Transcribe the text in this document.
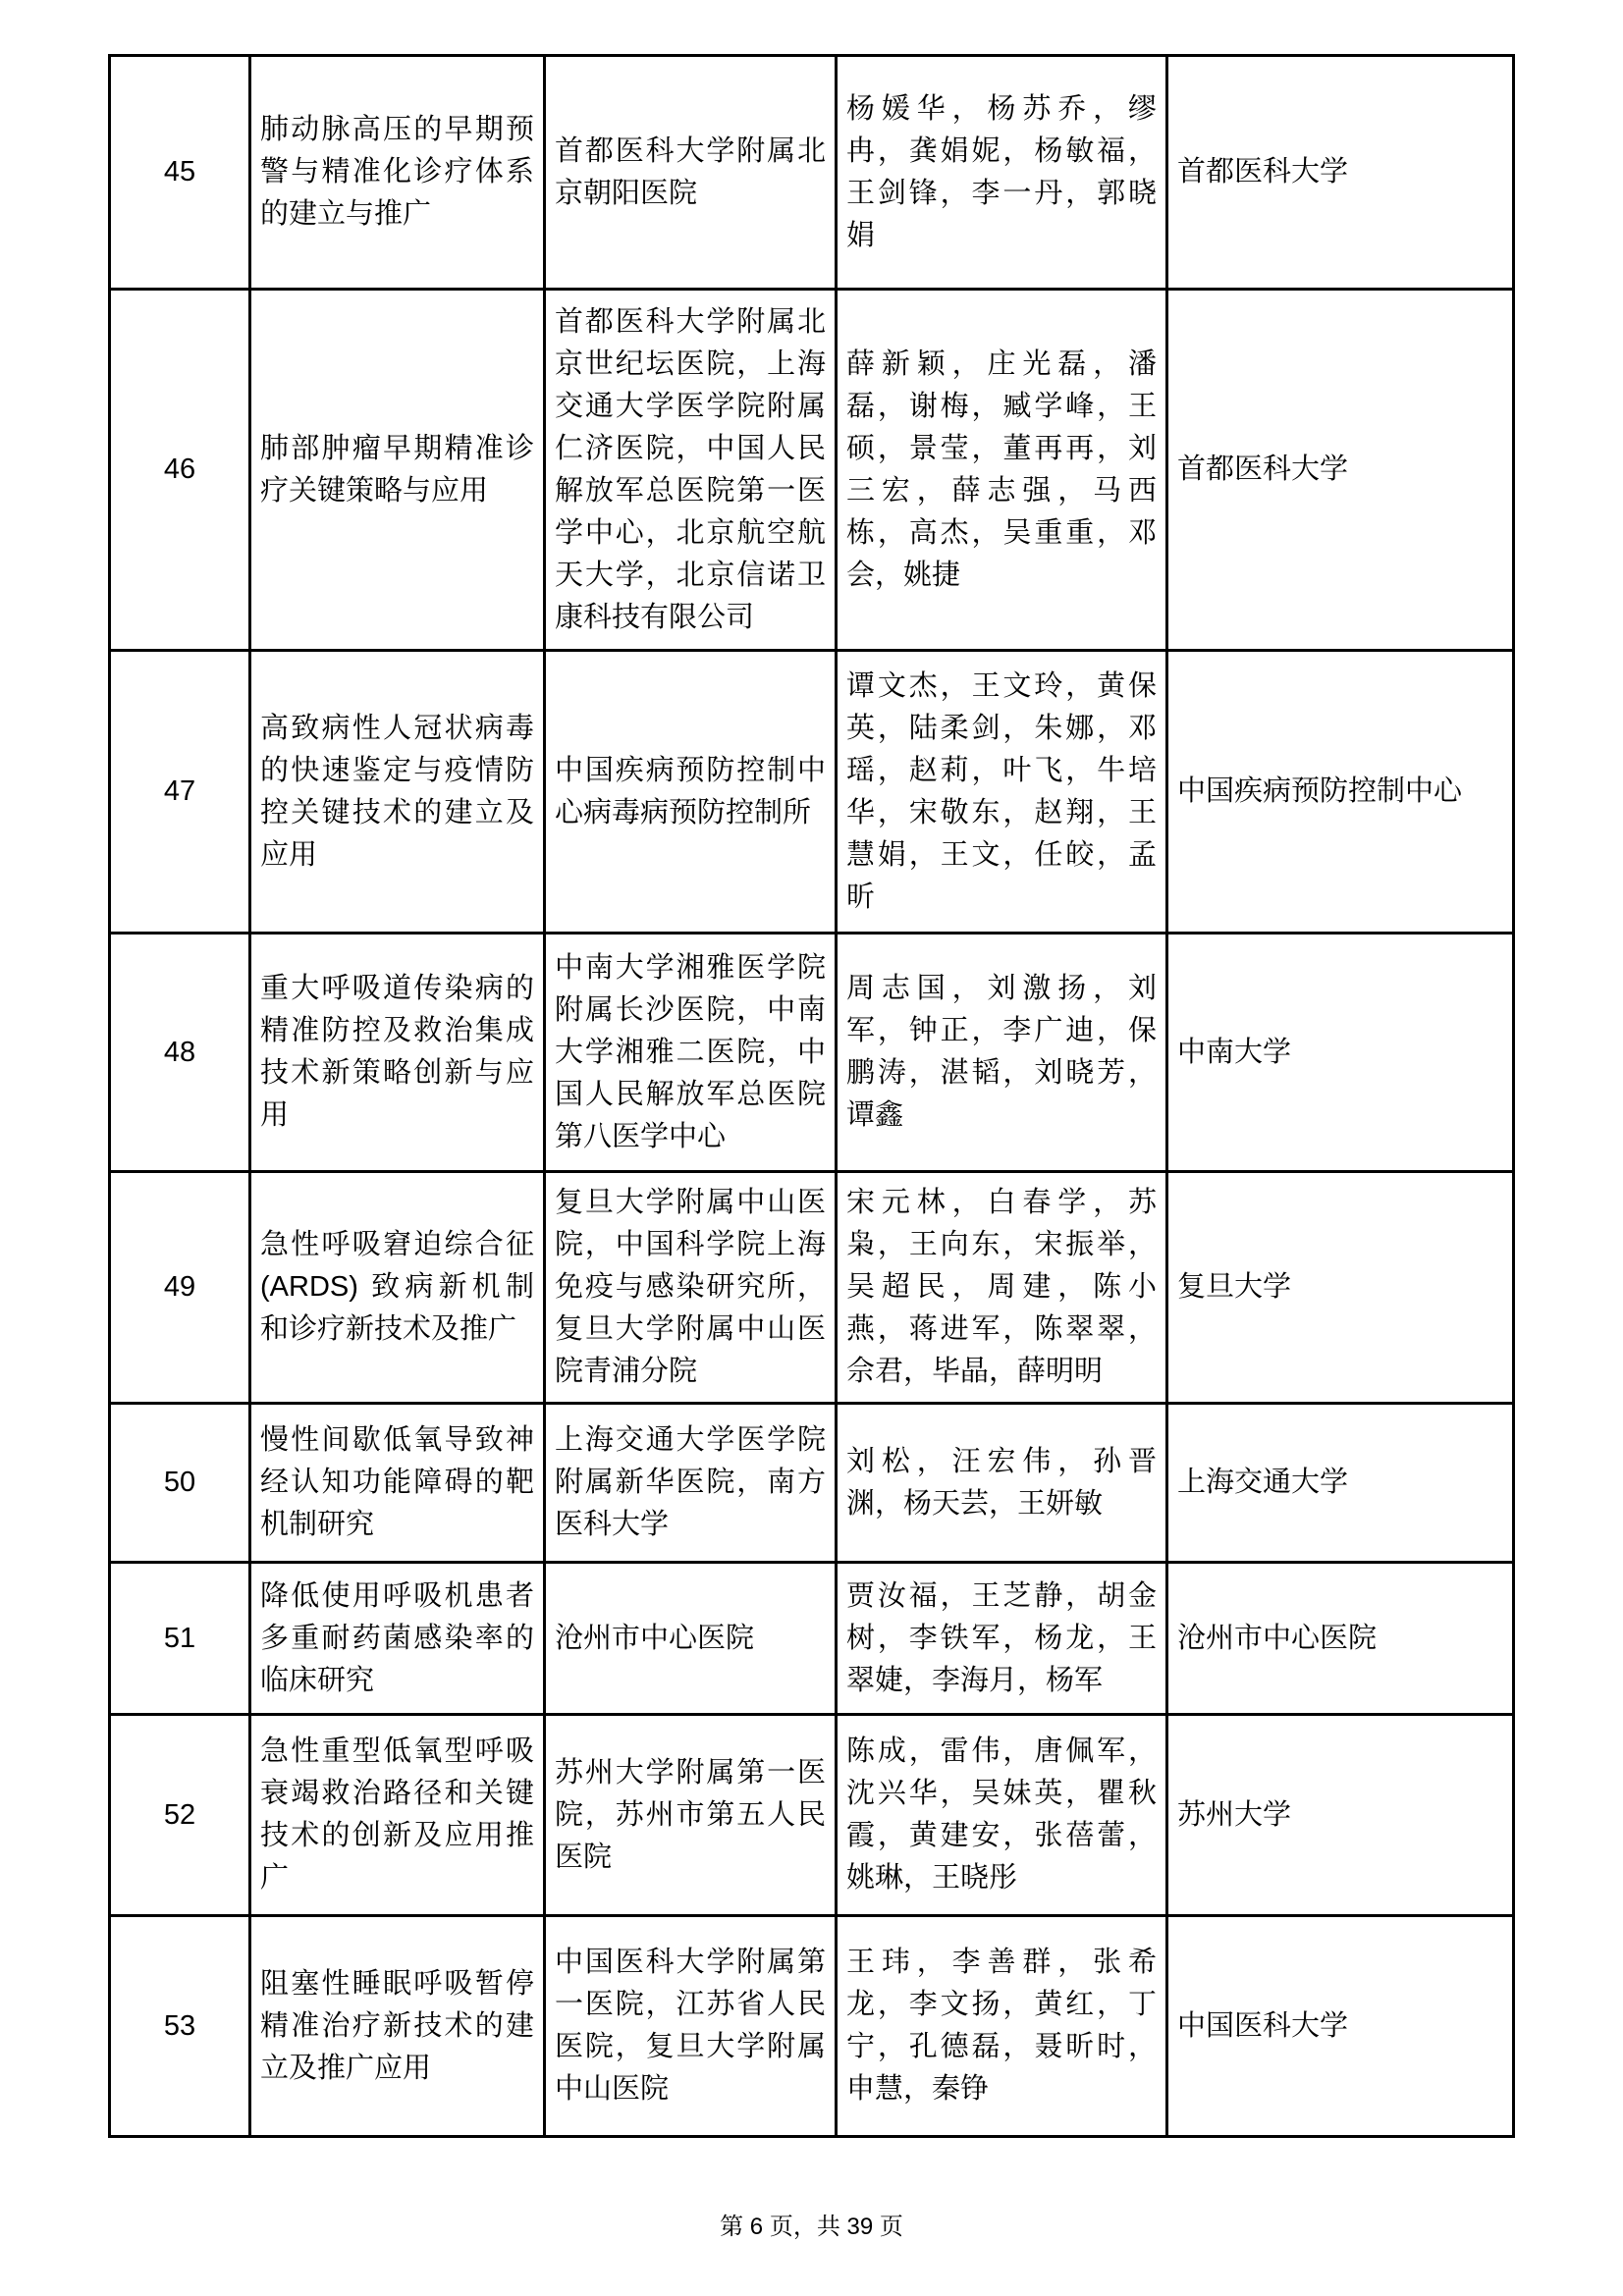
45	肺动脉高压的早期预警与精准化诊疗体系的建立与推广	首都医科大学附属北京朝阳医院	杨媛华，杨苏乔，缪冉，龚娟妮，杨敏福，王剑锋，李一丹，郭晓娟	首都医科大学
46	肺部肿瘤早期精准诊疗关键策略与应用	首都医科大学附属北京世纪坛医院，上海交通大学医学院附属仁济医院，中国人民解放军总医院第一医学中心，北京航空航天大学，北京信诺卫康科技有限公司	薛新颖，庄光磊，潘磊，谢梅，臧学峰，王硕，景莹，董再再，刘三宏，薛志强，马西栋，高杰，吴重重，邓会，姚捷	首都医科大学
47	高致病性人冠状病毒的快速鉴定与疫情防控关键技术的建立及应用	中国疾病预防控制中心病毒病预防控制所	谭文杰，王文玲，黄保英，陆柔剑，朱娜，邓瑶，赵莉，叶飞，牛培华，宋敬东，赵翔，王慧娟，王文，任皎，孟昕	中国疾病预防控制中心
48	重大呼吸道传染病的精准防控及救治集成技术新策略创新与应用	中南大学湘雅医学院附属长沙医院，中南大学湘雅二医院，中国人民解放军总医院第八医学中心	周志国，刘激扬，刘军，钟正，李广迪，保鹏涛，湛韬，刘晓芳，谭鑫	中南大学
49	急性呼吸窘迫综合征(ARDS) 致病新机制和诊疗新技术及推广	复旦大学附属中山医院，中国科学院上海免疫与感染研究所，复旦大学附属中山医院青浦分院	宋元林，白春学，苏枭，王向东，宋振举，吴超民，周建，陈小燕，蒋进军，陈翠翠，佘君，毕晶，薛明明	复旦大学
50	慢性间歇低氧导致神经认知功能障碍的靶机制研究	上海交通大学医学院附属新华医院，南方医科大学	刘松，汪宏伟，孙晋渊，杨天芸，王妍敏	上海交通大学
51	降低使用呼吸机患者多重耐药菌感染率的临床研究	沧州市中心医院	贾汝福，王芝静，胡金树，李铁军，杨龙，王翠婕，李海月，杨军	沧州市中心医院
52	急性重型低氧型呼吸衰竭救治路径和关键技术的创新及应用推广	苏州大学附属第一医院，苏州市第五人民医院	陈成，雷伟，唐佩军，沈兴华，吴妹英，瞿秋霞，黄建安，张蓓蕾，姚琳，王晓彤	苏州大学
53	阻塞性睡眠呼吸暂停精准治疗新技术的建立及推广应用	中国医科大学附属第一医院，江苏省人民医院，复旦大学附属中山医院	王玮，李善群，张希龙，李文扬，黄红，丁宁，孔德磊，聂昕时，申慧，秦铮	中国医科大学
第 6 页，共 39 页
